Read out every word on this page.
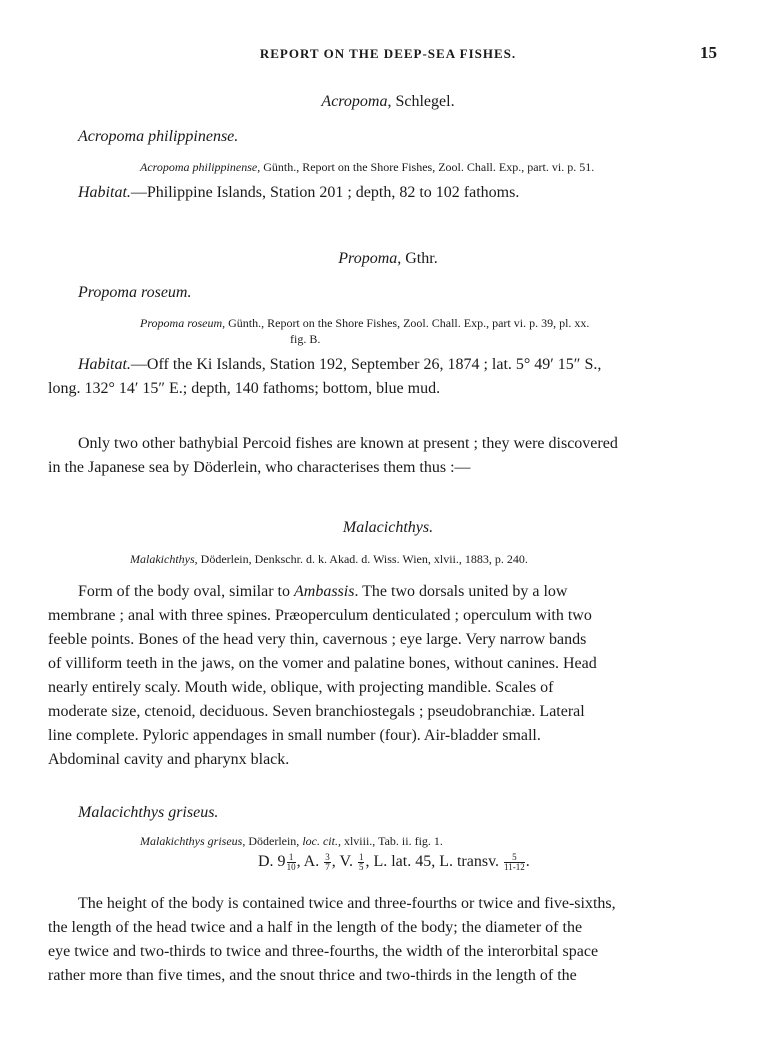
REPORT ON THE DEEP-SEA FISHES.	15
Acropoma, Schlegel.
Acropoma philippinense.
Acropoma philippinense, Günth., Report on the Shore Fishes, Zool. Chall. Exp., part. vi. p. 51.
Habitat.—Philippine Islands, Station 201 ; depth, 82 to 102 fathoms.
Propoma, Gthr.
Propoma roseum.
Propoma roseum, Günth., Report on the Shore Fishes, Zool. Chall. Exp., part vi. p. 39, pl. xx.
fig. B.
Habitat.—Off the Ki Islands, Station 192, September 26, 1874 ; lat. 5° 49′ 15″ S.,
long. 132° 14′ 15″ E.; depth, 140 fathoms; bottom, blue mud.
Only two other bathybial Percoid fishes are known at present ; they were discovered
in the Japanese sea by Döderlein, who characterises them thus :—
Malacichthys.
Malakichthys, Döderlein, Denkschr. d. k. Akad. d. Wiss. Wien, xlvii., 1883, p. 240.
Form of the body oval, similar to Ambassis. The two dorsals united by a low
membrane ; anal with three spines. Præoperculum denticulated ; operculum with two
feeble points. Bones of the head very thin, cavernous ; eye large. Very narrow bands
of villiform teeth in the jaws, on the vomer and palatine bones, without canines. Head
nearly entirely scaly. Mouth wide, oblique, with projecting mandible. Scales of
moderate size, ctenoid, deciduous. Seven branchiostegals ; pseudobranchiæ. Lateral
line complete. Pyloric appendages in small number (four). Air-bladder small.
Abdominal cavity and pharynx black.
Malacichthys griseus.
Malakichthys griseus, Döderlein, loc. cit., xlviii., Tab. ii. fig. 1.
D. $9 \frac{1}{10}$ , A. $\frac{3}{7}$ , V. $\frac{1}{5}$ , L. lat. 45, L. transv. $\frac{5}{11-12}$ .
The height of the body is contained twice and three-fourths or twice and five-sixths,
the length of the head twice and a half in the length of the body; the diameter of the
eye twice and two-thirds to twice and three-fourths, the width of the interorbital space
rather more than five times, and the snout thrice and two-thirds in the length of the
